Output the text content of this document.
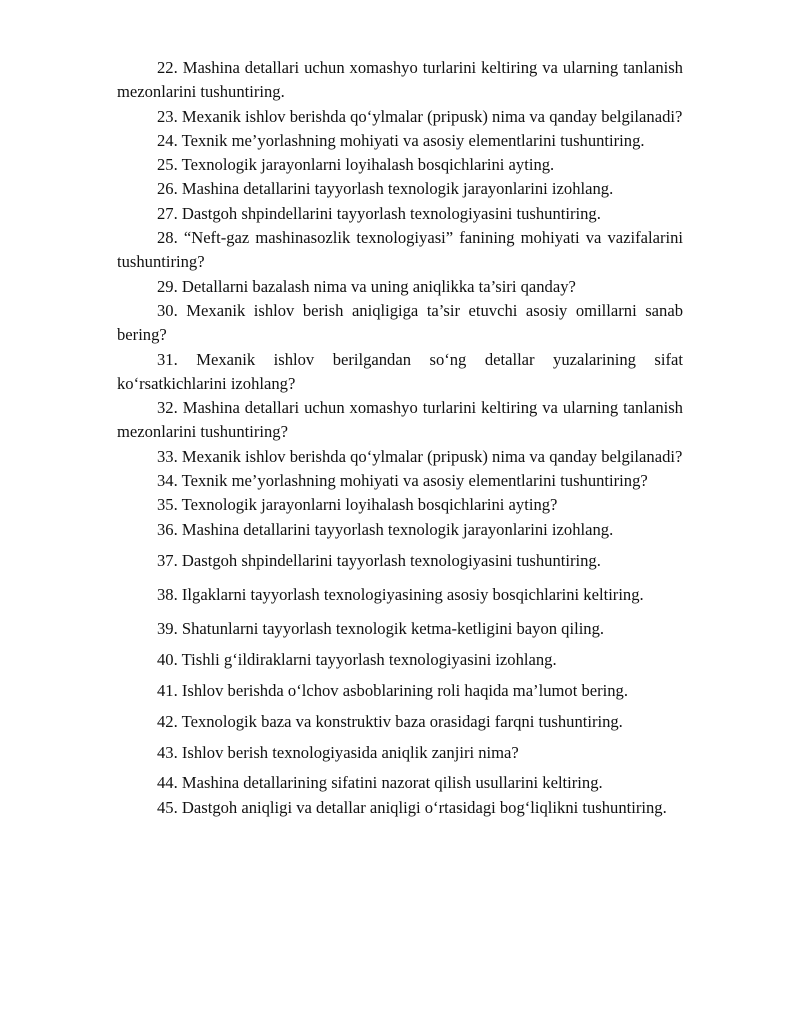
22. Mashina detallari uchun xomashyo turlarini keltiring va ularning tanlanish mezonlarini tushuntiring.

23. Mexanik ishlov berishda qo‘ylmalar (pripusk) nima va qanday belgilanadi?

24. Texnik me’yorlashning mohiyati va asosiy elementlarini tushuntiring.

25. Texnologik jarayonlarni loyihalash bosqichlarini ayting.

26. Mashina detallarini tayyorlash texnologik jarayonlarini izohlang.

27. Dastgoh shpindellarini tayyorlash texnologiyasini tushuntiring.

28. “Neft-gaz mashinasozlik texnologiyasi” fanining mohiyati va vazifalarini tushuntiring?

29. Detallarni bazalash nima va uning aniqlikka ta’siri qanday?

30. Mexanik ishlov berish aniqligiga ta’sir etuvchi asosiy omillarni sanab bering?

31. Mexanik ishlov berilgandan so‘ng detallar yuzalarining sifat ko‘rsatkichlarini izohlang?

32. Mashina detallari uchun xomashyo turlarini keltiring va ularning tanlanish mezonlarini tushuntiring?

33. Mexanik ishlov berishda qo‘ylmalar (pripusk) nima va qanday belgilanadi?

34. Texnik me’yorlashning mohiyati va asosiy elementlarini tushuntiring?

35. Texnologik jarayonlarni loyihalash bosqichlarini ayting?

36. Mashina detallarini tayyorlash texnologik jarayonlarini izohlang.

37. Dastgoh shpindellarini tayyorlash texnologiyasini tushuntiring.

38. Ilgaklarni tayyorlash texnologiyasining asosiy bosqichlarini keltiring.

39. Shatunlarni tayyorlash texnologik ketma-ketligini bayon qiling.

40. Tishli g‘ildiraklarni tayyorlash texnologiyasini izohlang.

41. Ishlov berishda o‘lchov asboblarining roli haqida ma’lumot bering.

42. Texnologik baza va konstruktiv baza orasidagi farqni tushuntiring.

43. Ishlov berish texnologiyasida aniqlik zanjiri nima?

44. Mashina detallarining sifatini nazorat qilish usullarini keltiring.

45. Dastgoh aniqligi va detallar aniqligi o‘rtasidagi bog‘liqlikni tushuntiring.
